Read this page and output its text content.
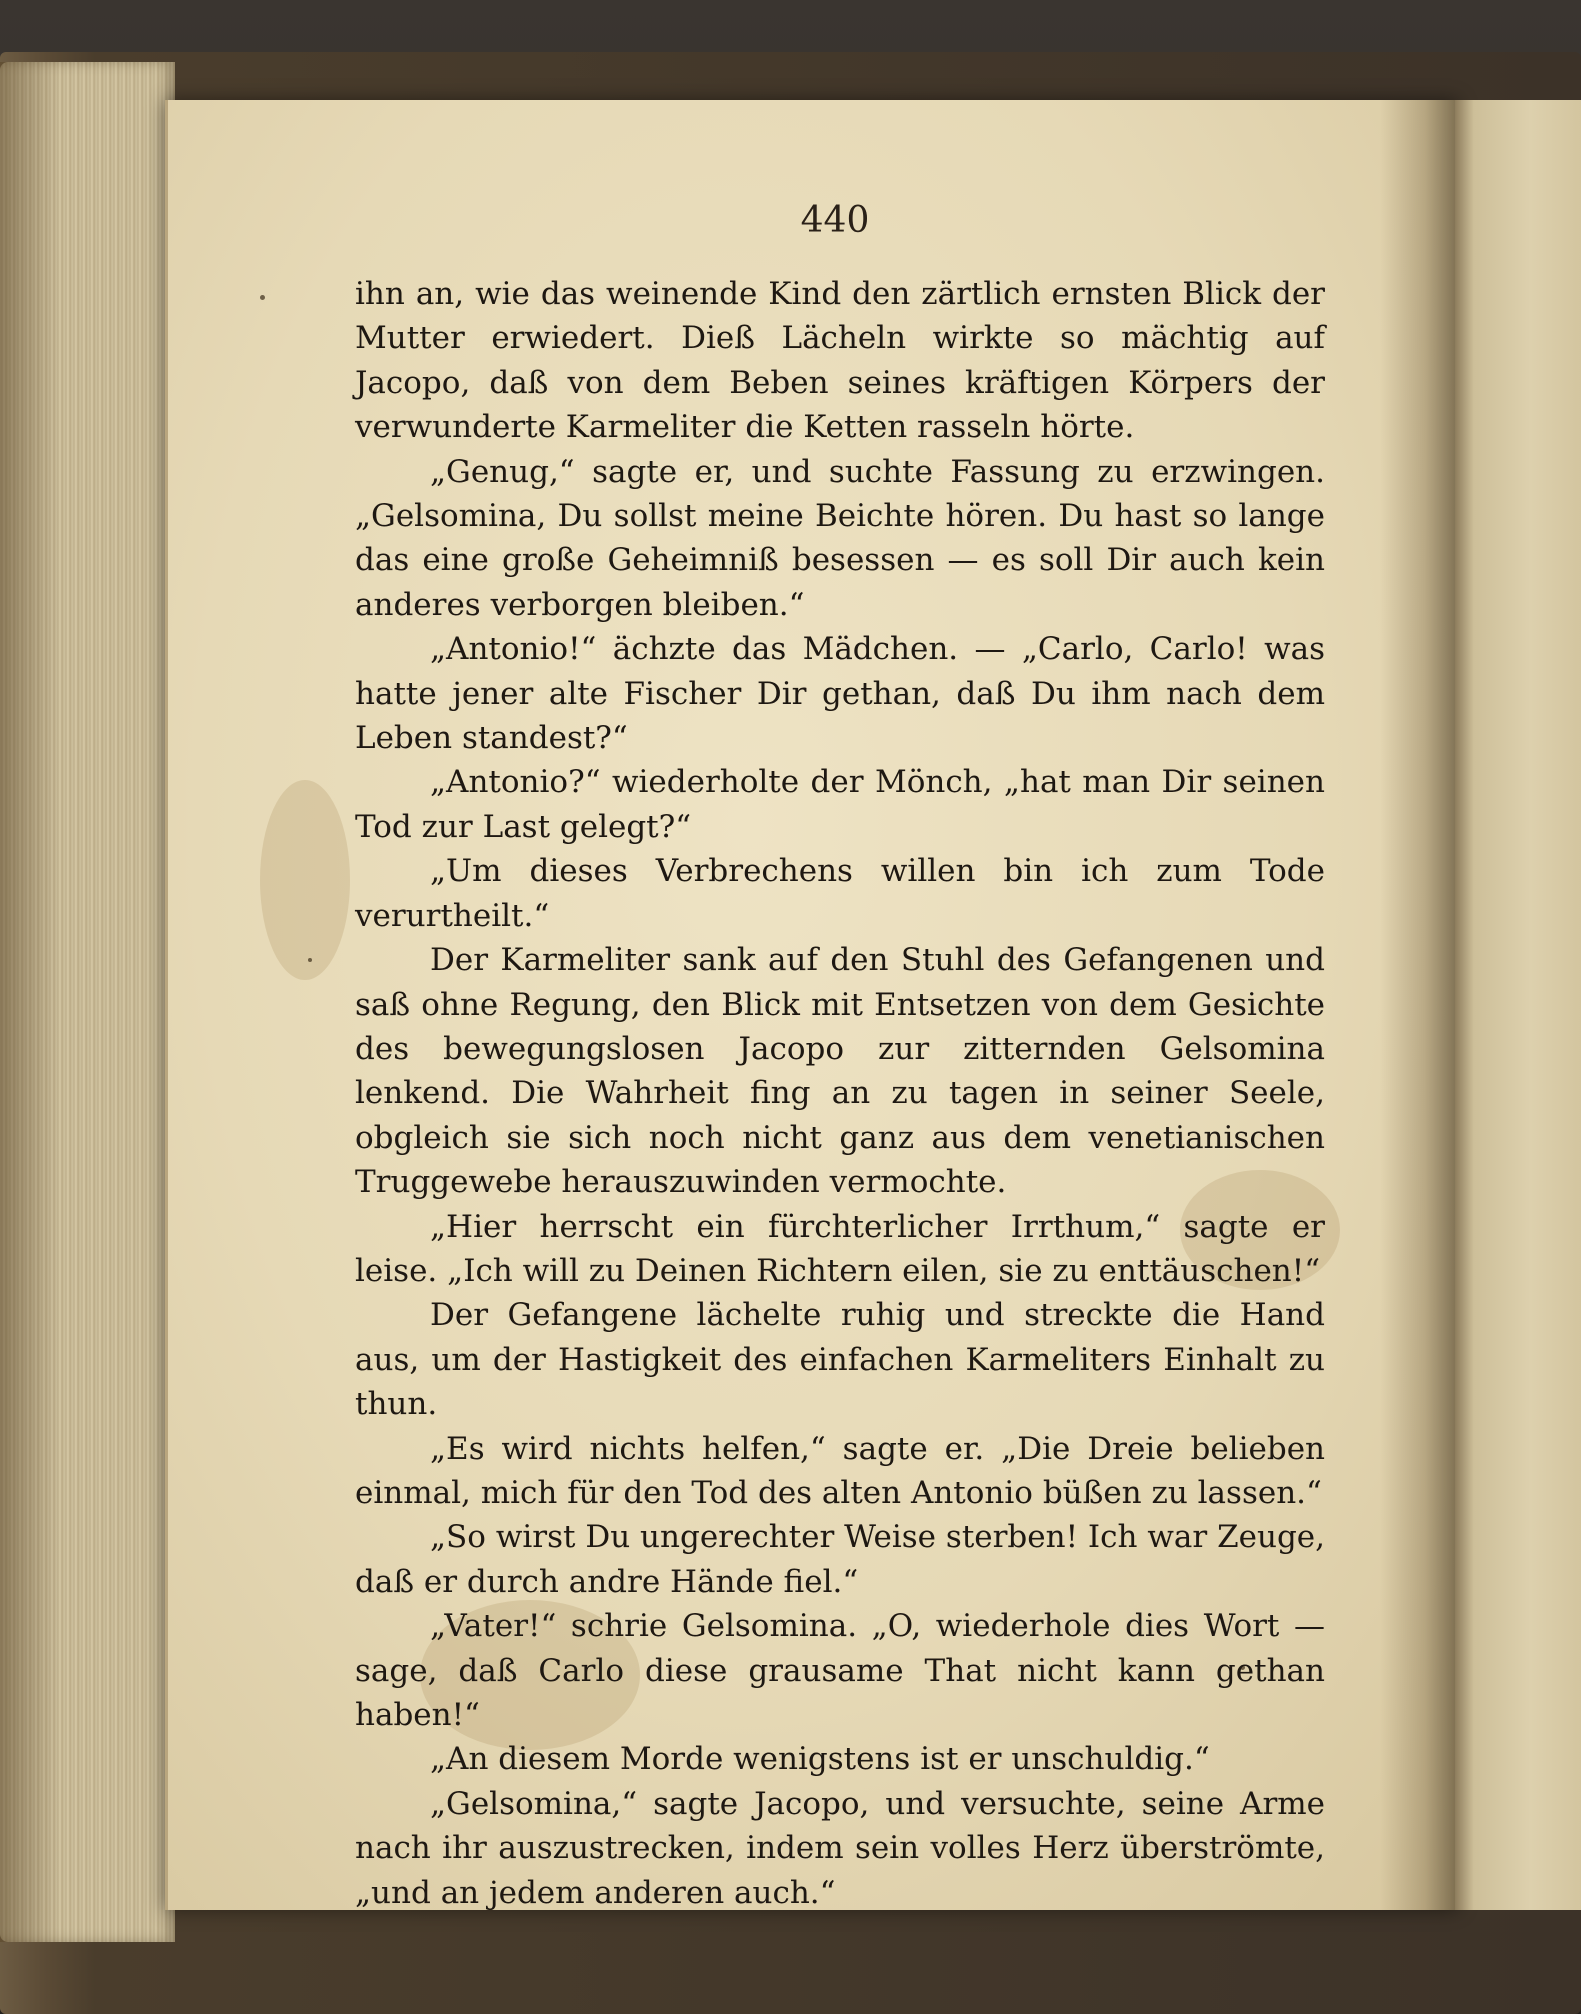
440

ihn an, wie das weinende Kind den zärtlich ernsten Blick der Mutter erwiedert. Dieß Lächeln wirkte so mächtig auf Jacopo, daß von dem Beben seines kräftigen Körpers der verwunderte Karmeliter die Ketten rasseln hörte.

„Genug,“ sagte er, und suchte Fassung zu erzwingen. „Gelsomina, Du sollst meine Beichte hören. Du hast so lange das eine große Geheimniß besessen — es soll Dir auch kein anderes verborgen bleiben.“

„Antonio!“ ächzte das Mädchen. — „Carlo, Carlo! was hatte jener alte Fischer Dir gethan, daß Du ihm nach dem Leben standest?“

„Antonio?“ wiederholte der Mönch, „hat man Dir seinen Tod zur Last gelegt?“

„Um dieses Verbrechens willen bin ich zum Tode verurtheilt.“

Der Karmeliter sank auf den Stuhl des Gefangenen und saß ohne Regung, den Blick mit Entsetzen von dem Gesichte des bewegungslosen Jacopo zur zitternden Gelsomina lenkend. Die Wahrheit fing an zu tagen in seiner Seele, obgleich sie sich noch nicht ganz aus dem venetianischen Truggewebe herauszuwinden vermochte.

„Hier herrscht ein fürchterlicher Irrthum,“ sagte er leise. „Ich will zu Deinen Richtern eilen, sie zu enttäuschen!“

Der Gefangene lächelte ruhig und streckte die Hand aus, um der Hastigkeit des einfachen Karmeliters Einhalt zu thun.

„Es wird nichts helfen,“ sagte er. „Die Dreie belieben einmal, mich für den Tod des alten Antonio büßen zu lassen.“

„So wirst Du ungerechter Weise sterben! Ich war Zeuge, daß er durch andre Hände fiel.“

„Vater!“ schrie Gelsomina. „O, wiederhole dies Wort — sage, daß Carlo diese grausame That nicht kann gethan haben!“

„An diesem Morde wenigstens ist er unschuldig.“

„Gelsomina,“ sagte Jacopo, und versuchte, seine Arme nach ihr auszustrecken, indem sein volles Herz überströmte, „und an jedem anderen auch.“
